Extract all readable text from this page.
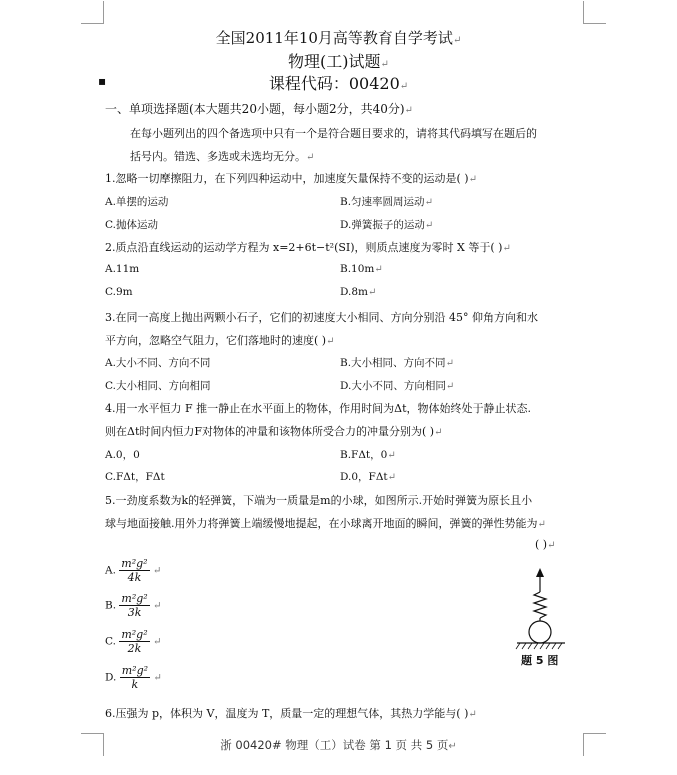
全国2011年10月高等教育自学考试↵
物理(工)试题↵
课程代码：00420↵
▪
一、单项选择题(本大题共20小题，每小题2分，共40分)↵
在每小题列出的四个备选项中只有一个是符合题目要求的，请将其代码填写在题后的
括号内。错选、多选或未选均无分。↵
1.忽略一切摩擦阻力，在下列四种运动中，加速度矢量保持不变的运动是( )↵
A.单摆的运动	B.匀速率圆周运动↵
C.抛体运动	D.弹簧振子的运动↵
2.质点沿直线运动的运动学方程为 x=2+6t−t²(SI)，则质点速度为零时 X 等于( )↵
A.11m	B.10m↵
C.9m	D.8m↵
3.在同一高度上抛出两颗小石子，它们的初速度大小相同、方向分别沿 45° 仰角方向和水
平方向，忽略空气阻力，它们落地时的速度( )↵
A.大小不同、方向不同	B.大小相同、方向不同↵
C.大小相同、方向相同	D.大小不同、方向相同↵
4.用一水平恒力 F 推一静止在水平面上的物体，作用时间为Δt，物体始终处于静止状态.
则在Δt时间内恒力F对物体的冲量和该物体所受合力的冲量分别为( )↵
A.0，0	B.FΔt，0↵
C.FΔt，FΔt	D.0，FΔt↵
5.一劲度系数为k的轻弹簧，下端为一质量是m的小球，如图所示.开始时弹簧为原长且小
球与地面接触.用外力将弹簧上端缓慢地提起，在小球离开地面的瞬间，弹簧的弹性势能为↵
( )↵
A. $\frac{\text{m²g²}}{4k}$ ↵
B. $\frac{\text{m²g²}}{3k}$ ↵
C. $\frac{\text{m²g²}}{2k}$ ↵
D. $\frac{\text{m²g²}}{k}$ ↵
题 5 图
6.压强为 p，体积为 V，温度为 T，质量一定的理想气体，其热力学能与( )↵
浙 00420# 物理（工）试卷 第 1 页 共 5 页↵
